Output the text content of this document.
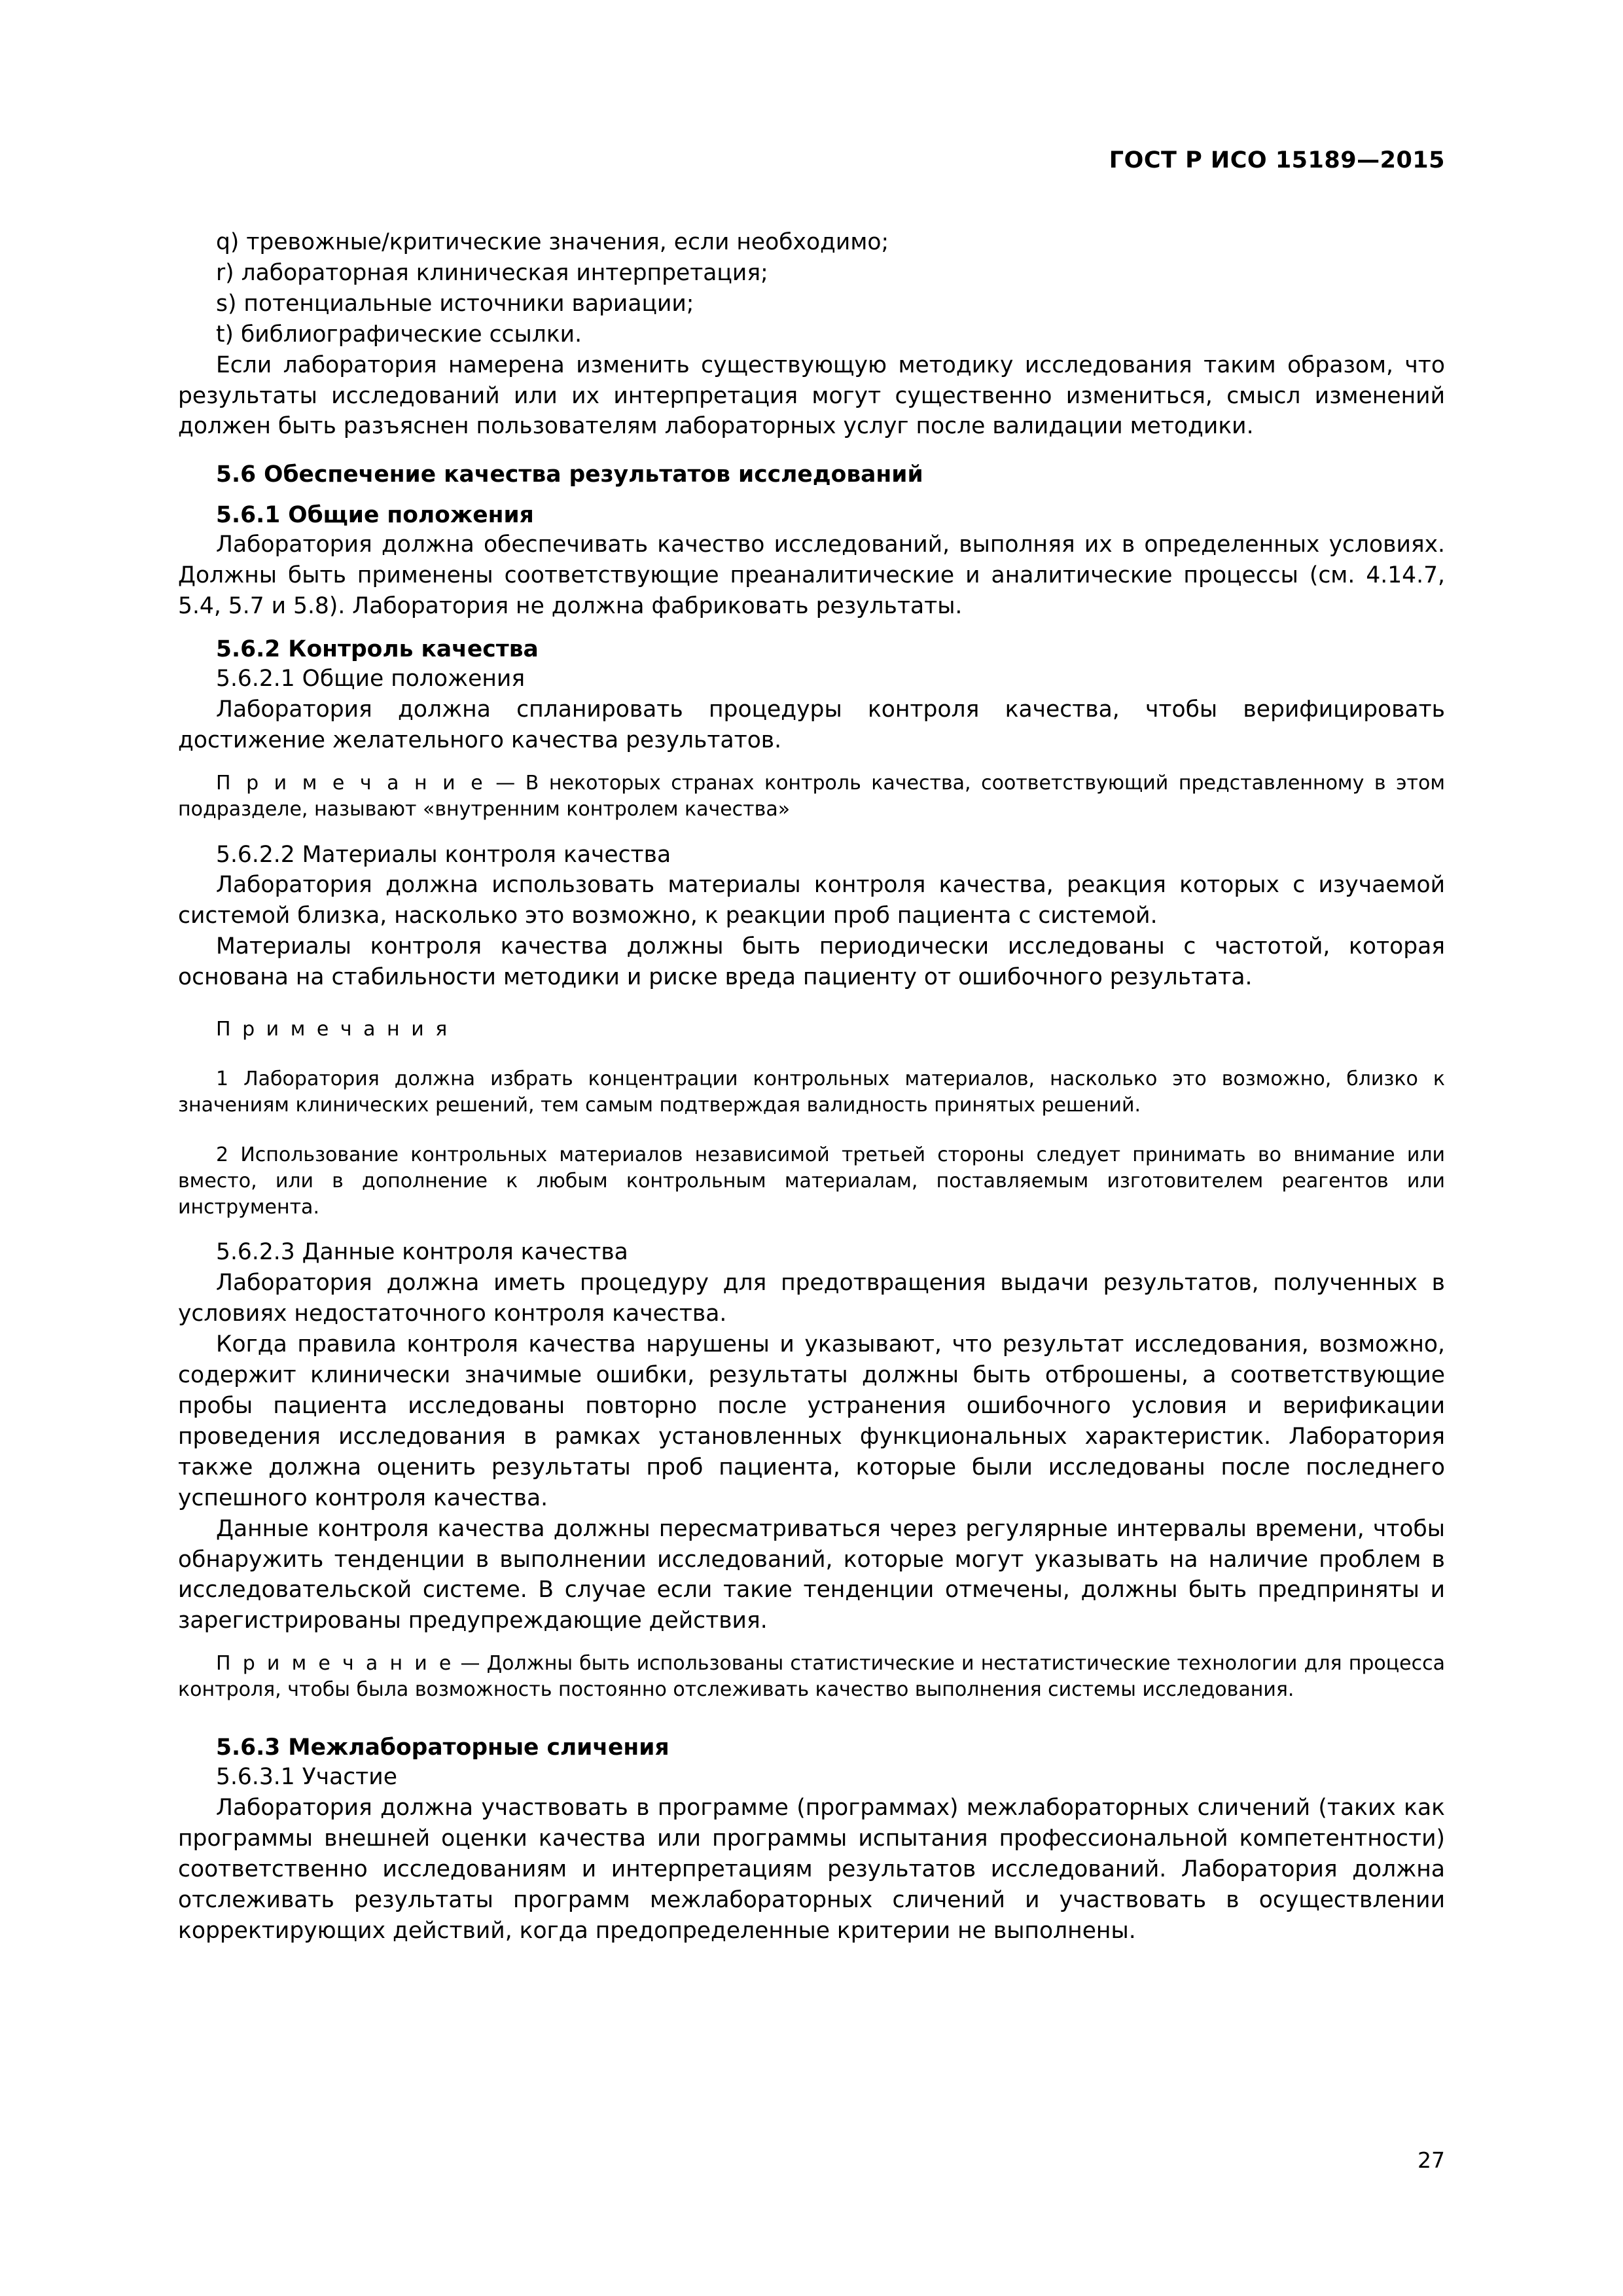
ГОСТ Р ИСО 15189—2015

q) тревожные/критические значения, если необходимо;

r) лабораторная клиническая интерпретация;

s) потенциальные источники вариации;

t) библиографические ссылки.

Если лаборатория намерена изменить существующую методику исследования таким образом, что результаты исследований или их интерпретация могут существенно измениться, смысл изменений должен быть разъяснен пользователям лабораторных услуг после валидации методики.

5.6 Обеспечение качества результатов исследований
5.6.1 Общие положения

Лаборатория должна обеспечивать качество исследований, выполняя их в определенных условиях. Должны быть применены соответствующие преаналитические и аналитические процессы (см. 4.14.7, 5.4, 5.7 и 5.8). Лаборатория не должна фабриковать результаты.

5.6.2 Контроль качества

5.6.2.1 Общие положения

Лаборатория должна спланировать процедуры контроля качества, чтобы верифицировать достижение желательного качества результатов.

П р и м е ч а н и е — В некоторых странах контроль качества, соответствующий представленному в этом подразделе, называют «внутренним контролем качества»

5.6.2.2 Материалы контроля качества

Лаборатория должна использовать материалы контроля качества, реакция которых с изучаемой системой близка, насколько это возможно, к реакции проб пациента с системой.

Материалы контроля качества должны быть периодически исследованы с частотой, которая основана на стабильности методики и риске вреда пациенту от ошибочного результата.

П р и м е ч а н и я

1 Лаборатория должна избрать концентрации контрольных материалов, насколько это возможно, близко к значениям клинических решений, тем самым подтверждая валидность принятых решений.

2 Использование контрольных материалов независимой третьей стороны следует принимать во внимание или вместо, или в дополнение к любым контрольным материалам, поставляемым изготовителем реагентов или инструмента.

5.6.2.3 Данные контроля качества

Лаборатория должна иметь процедуру для предотвращения выдачи результатов, полученных в условиях недостаточного контроля качества.

Когда правила контроля качества нарушены и указывают, что результат исследования, возможно, содержит клинически значимые ошибки, результаты должны быть отброшены, а соответствующие пробы пациента исследованы повторно после устранения ошибочного условия и верификации проведения исследования в рамках установленных функциональных характеристик. Лаборатория также должна оценить результаты проб пациента, которые были исследованы после последнего успешного контроля качества.

Данные контроля качества должны пересматриваться через регулярные интервалы времени, чтобы обнаружить тенденции в выполнении исследований, которые могут указывать на наличие проблем в исследовательской системе. В случае если такие тенденции отмечены, должны быть предприняты и зарегистрированы предупреждающие действия.

П р и м е ч а н и е — Должны быть использованы статистические и нестатистические технологии для процесса контроля, чтобы была возможность постоянно отслеживать качество выполнения системы исследования.

5.6.3 Межлабораторные сличения

5.6.3.1 Участие

Лаборатория должна участвовать в программе (программах) межлабораторных сличений (таких как программы внешней оценки качества или программы испытания профессиональной компетентности) соответственно исследованиям и интерпретациям результатов исследований. Лаборатория должна отслеживать результаты программ межлабораторных сличений и участвовать в осуществлении корректирующих действий, когда предопределенные критерии не выполнены.

27
